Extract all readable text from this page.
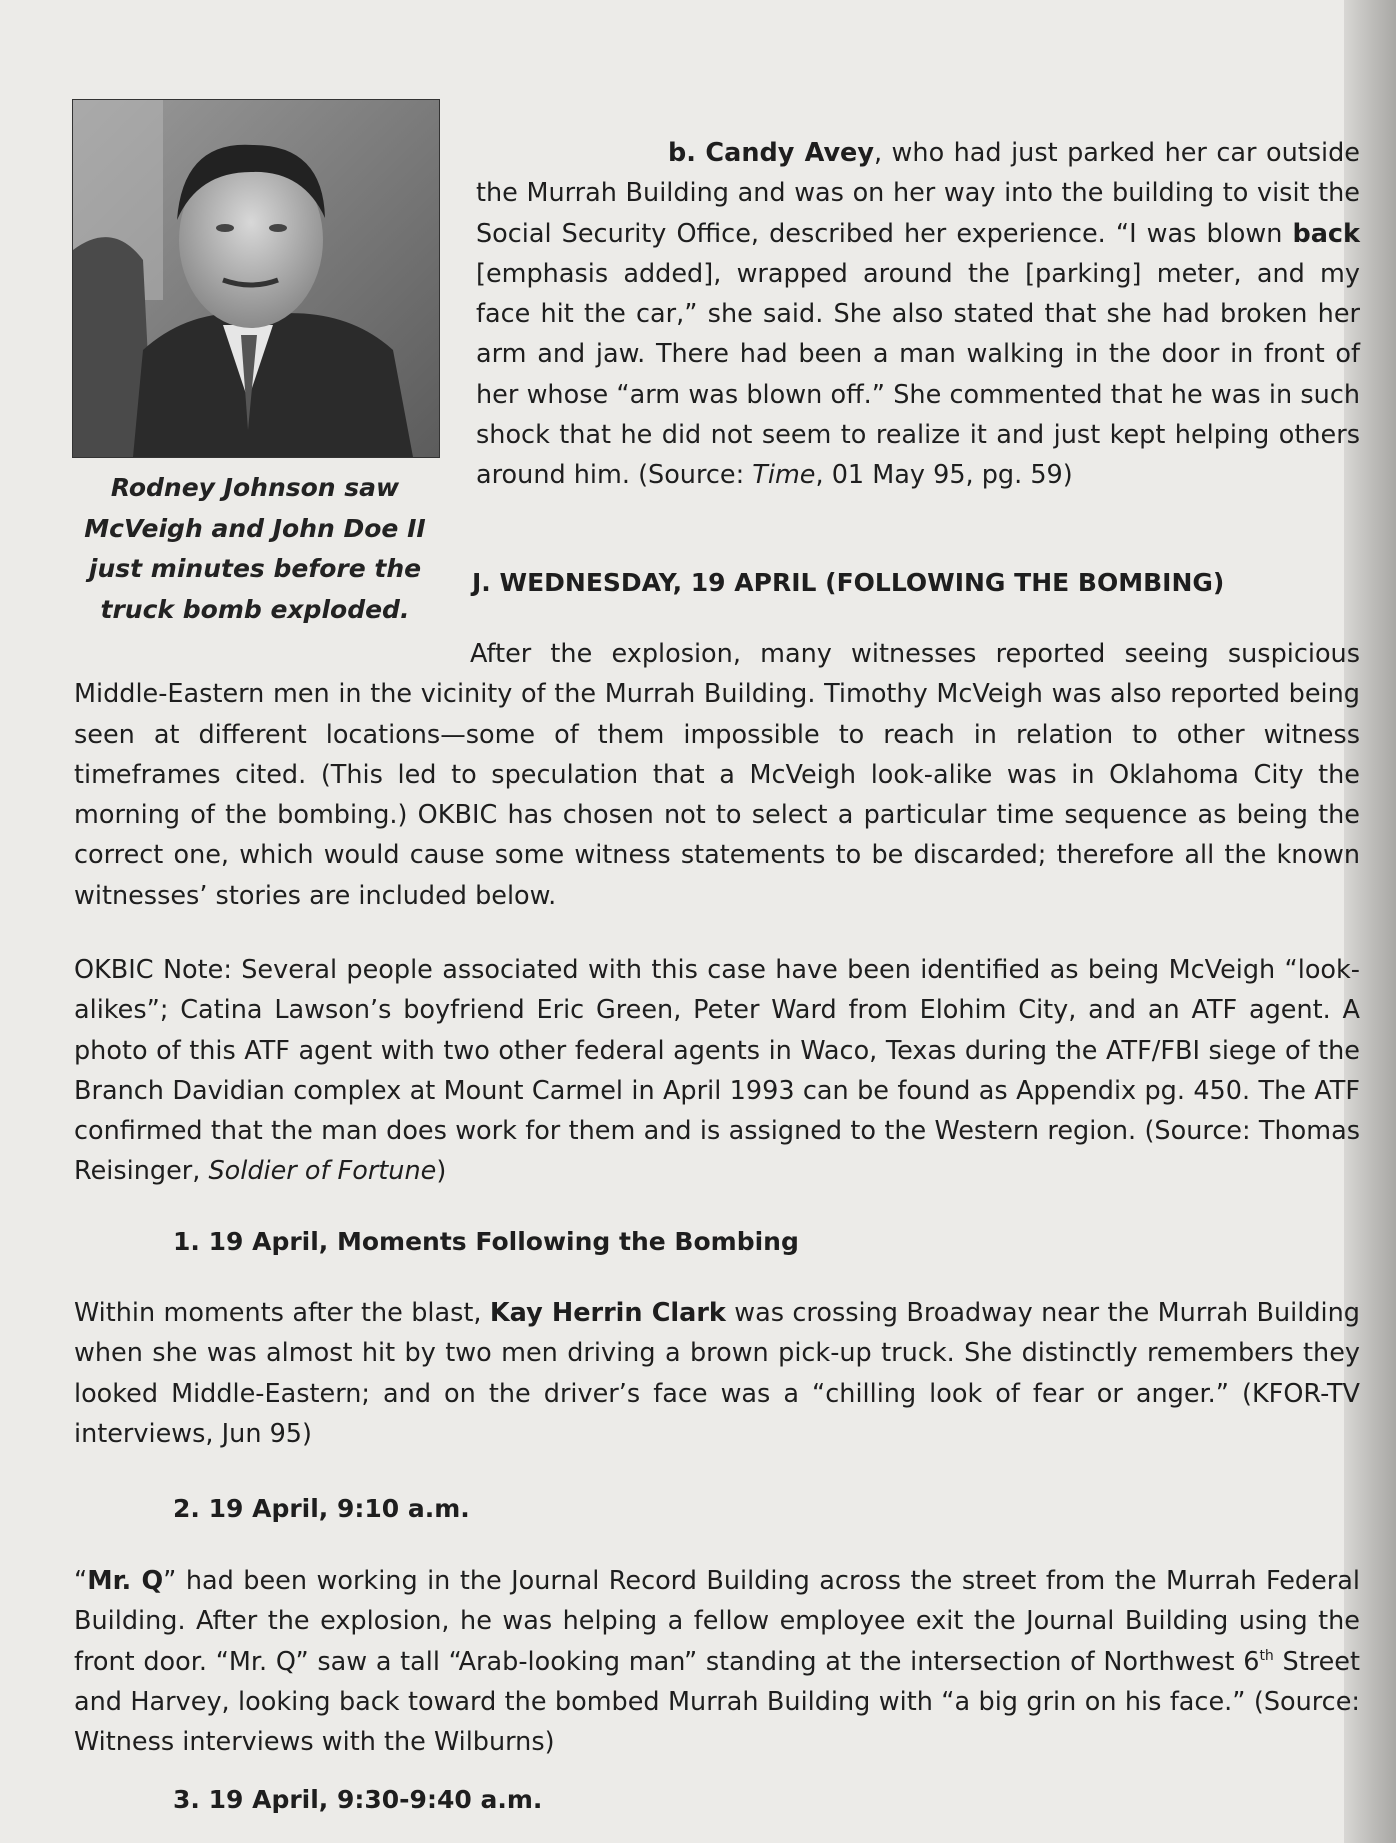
Rodney Johnson saw
McVeigh and John Doe II
just minutes before the
truck bomb exploded.

b. Candy Avey, who had just parked her car outside the Murrah Building and was on her way into the building to visit the Social Security Office, described her experience. “I was blown back [emphasis added], wrapped around the [parking] meter, and my face hit the car,” she said. She also stated that she had broken her arm and jaw. There had been a man walking in the door in front of her whose “arm was blown off.” She commented that he was in such shock that he did not seem to realize it and just kept helping others around him. (Source: Time, 01 May 95, pg. 59)

J. WEDNESDAY, 19 APRIL (FOLLOWING THE BOMBING)

After the explosion, many witnesses reported seeing suspicious Middle-Eastern men in the vicinity of the Murrah Building. Timothy McVeigh was also reported being seen at different locations—some of them impossible to reach in relation to other witness timeframes cited. (This led to speculation that a McVeigh look-alike was in Oklahoma City the morning of the bombing.) OKBIC has chosen not to select a particular time sequence as being the correct one, which would cause some witness statements to be discarded; therefore all the known witnesses’ stories are included below.

OKBIC Note: Several people associated with this case have been identified as being McVeigh “look-alikes”; Catina Lawson’s boyfriend Eric Green, Peter Ward from Elohim City, and an ATF agent. A photo of this ATF agent with two other federal agents in Waco, Texas during the ATF/FBI siege of the Branch Davidian complex at Mount Carmel in April 1993 can be found as Appendix pg. 450. The ATF confirmed that the man does work for them and is assigned to the Western region. (Source: Thomas Reisinger, Soldier of Fortune)

1. 19 April, Moments Following the Bombing

Within moments after the blast, Kay Herrin Clark was crossing Broadway near the Murrah Building when she was almost hit by two men driving a brown pick-up truck. She distinctly remembers they looked Middle-Eastern; and on the driver’s face was a “chilling look of fear or anger.” (KFOR-TV interviews, Jun 95)

2. 19 April, 9:10 a.m.

“Mr. Q” had been working in the Journal Record Building across the street from the Murrah Federal Building. After the explosion, he was helping a fellow employee exit the Journal Building using the front door. “Mr. Q” saw a tall “Arab-looking man” standing at the intersection of Northwest 6th Street and Harvey, looking back toward the bombed Murrah Building with “a big grin on his face.” (Source: Witness interviews with the Wilburns)

3. 19 April, 9:30-9:40 a.m.
